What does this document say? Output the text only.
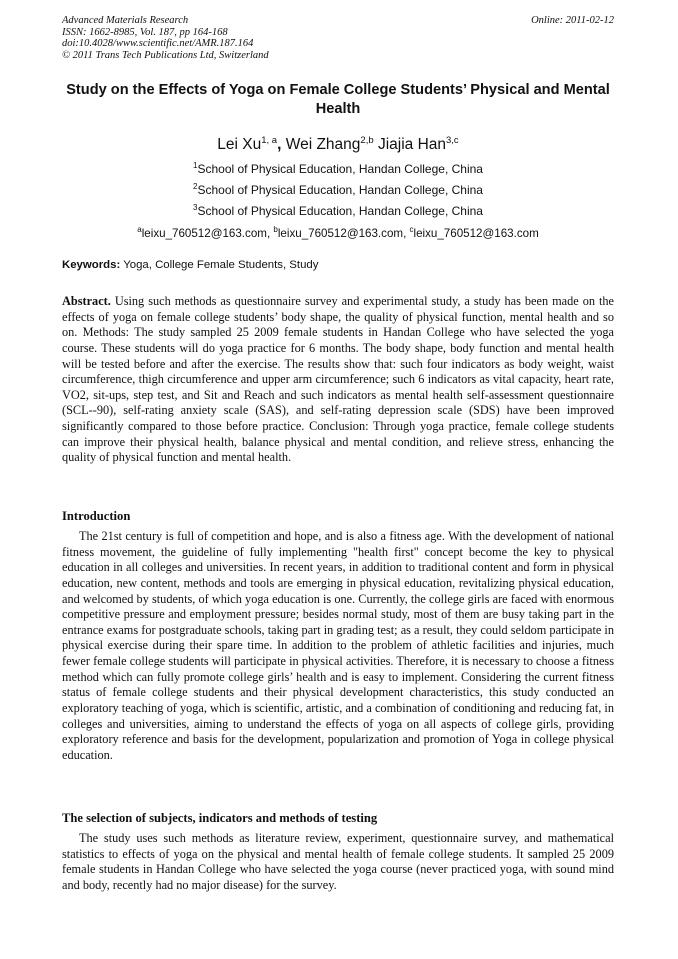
Advanced Materials Research
ISSN: 1662-8985, Vol. 187, pp 164-168
doi:10.4028/www.scientific.net/AMR.187.164
© 2011 Trans Tech Publications Ltd, Switzerland
Online: 2011-02-12
Study on the Effects of Yoga on Female College Students’ Physical and Mental Health
Lei Xu$^{1, a}$, Wei Zhang$^{2,b}$ Jiajia Han$^{3,c}$
$^1$School of Physical Education, Handan College, China
$^2$School of Physical Education, Handan College, China
$^3$School of Physical Education, Handan College, China
$^a$leixu_760512@163.com, $^b$leixu_760512@163.com, $^c$leixu_760512@163.com
Keywords: Yoga, College Female Students, Study

Abstract. Using such methods as questionnaire survey and experimental study, a study has been made on the effects of yoga on female college students’ body shape, the quality of physical function, mental health and so on. Methods: The study sampled 25 2009 female students in Handan College who have selected the yoga course. These students will do yoga practice for 6 months. The body shape, body function and mental health will be tested before and after the exercise. The results show that: such four indicators as body weight, waist circumference, thigh circumference and upper arm circumference; such 6 indicators as vital capacity, heart rate, VO2, sit-ups, step test, and Sit and Reach and such indicators as mental health self-assessment questionnaire (SCL--90), self-rating anxiety scale (SAS), and self-rating depression scale (SDS) have been improved significantly compared to those before practice. Conclusion: Through yoga practice, female college students can improve their physical health, balance physical and mental condition, and relieve stress, enhancing the quality of physical function and mental health.

Introduction

The 21st century is full of competition and hope, and is also a fitness age. With the development of national fitness movement, the guideline of fully implementing "health first" concept become the key to physical education in all colleges and universities. In recent years, in addition to traditional content and form in physical education, new content, methods and tools are emerging in physical education, revitalizing physical education, and welcomed by students, of which yoga education is one. Currently, the college girls are faced with enormous competitive pressure and employment pressure; besides normal study, most of them are busy taking part in the entrance exams for postgraduate schools, taking part in grading test; as a result, they could seldom participate in physical exercise during their spare time. In addition to the problem of athletic facilities and injuries, much fewer female college students will participate in physical activities. Therefore, it is necessary to choose a fitness method which can fully promote college girls’ health and is easy to implement. Considering the current fitness status of female college students and their physical development characteristics, this study conducted an exploratory teaching of yoga, which is scientific, artistic, and a combination of conditioning and reducing fat, in colleges and universities, aiming to understand the effects of yoga on all aspects of college girls, providing exploratory reference and basis for the development, popularization and promotion of Yoga in college physical education.

The selection of subjects, indicators and methods of testing

The study uses such methods as literature review, experiment, questionnaire survey, and mathematical statistics to effects of yoga on the physical and mental health of female college students. It sampled 25 2009 female students in Handan College who have selected the yoga course (never practiced yoga, with sound mind and body, recently had no major disease) for the survey.
